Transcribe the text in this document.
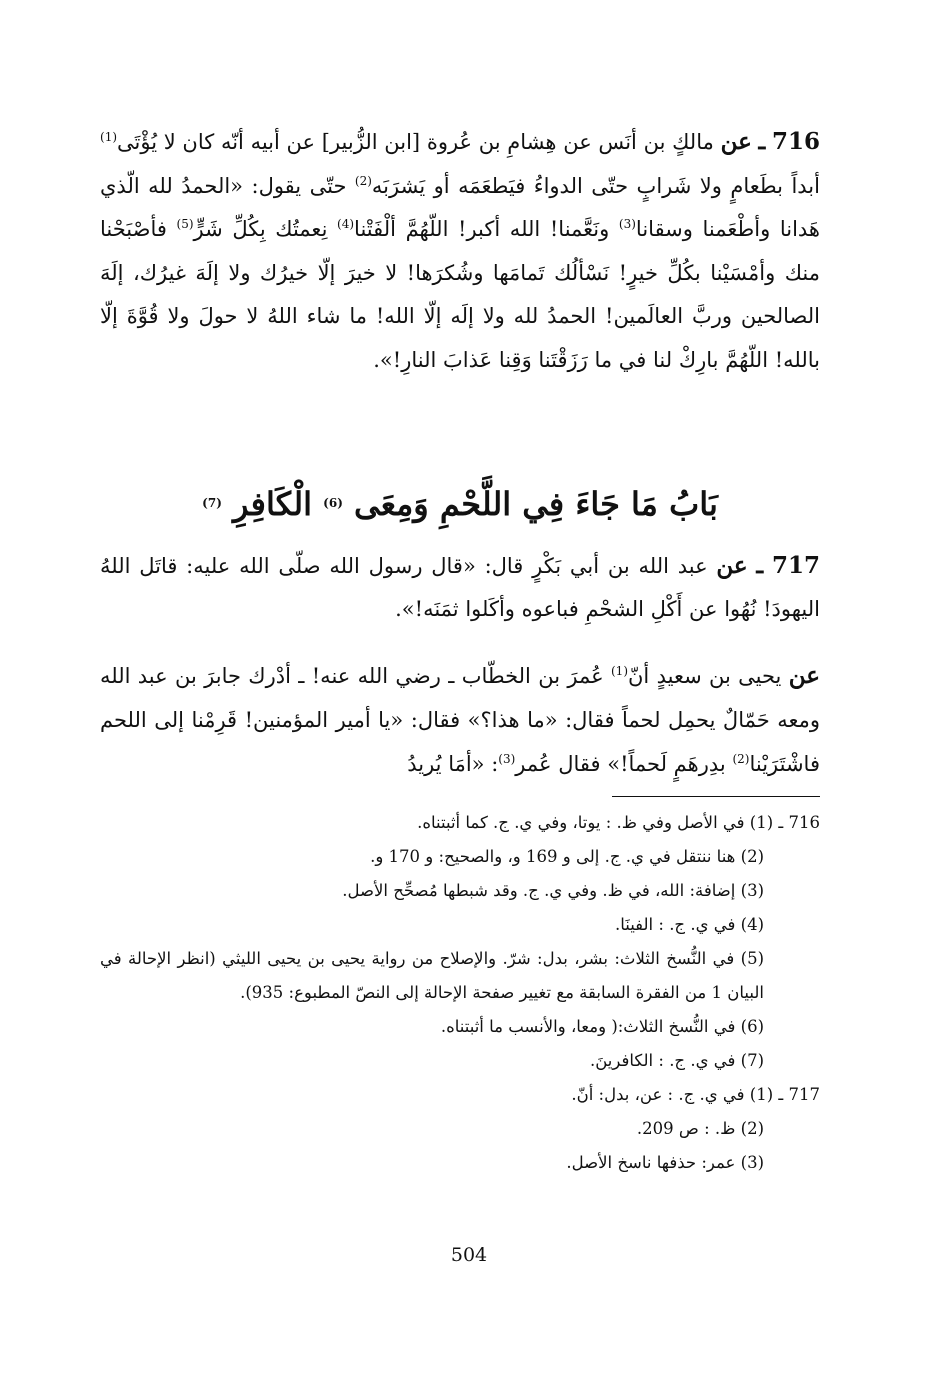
716 ـ عن مالكٍ بن أنَس عن هِشامِ بن عُروة [ابن الزُّبير] عن أبيه أنّه كان لا يُؤْتَى$^{(1)}$ أبداً بطَعامٍ ولا شَرابٍ حتّى الدواءُ فيَطعَمَه أو يَشرَبَه$^{(2)}$ حتّى يقول: «الحمدُ لله الّذي هَدانا وأطْعَمنا وسقانا$^{(3)}$ ونَعَّمنا! الله أكبر! اللّهُمَّ ألْفَتْنا$^{(4)}$ نِعمتُك بِكُلِّ شَرٍّ$^{(5)}$ فأصْبَحْنا منك وأمْسَيْنا بكُلِّ خيرٍ! نَسْألُك تَمامَها وشُكرَها! لا خيرَ إلّا خيرُك ولا إلَهَ غيرُك، إلَهَ الصالحين وربَّ العالَمين! الحمدُ لله ولا إلَه إلّا الله! ما شاء اللهُ لا حولَ ولا قُوَّةَ إلّا بالله! اللّهُمَّ بارِكْ لنا في ما رَزَقْتَنا وَقِنا عَذابَ النارِ!».
بَابُ مَا جَاءَ فِي اللَّحْمِ وَمِعَى $^{(6)}$ الْكَافِرِ $^{(7)}$
717 ـ عن عبد الله بن أبي بَكْرٍ قال: «قال رسول الله صلّى الله عليه: قاتَل اللهُ اليهودَ! نُهُوا عن أَكْلِ الشحْمِ فباعوه وأكَلوا ثمَنَه!».
عن يحيى بن سعيدٍ أنّ$^{(1)}$ عُمرَ بن الخطّاب ـ رضي الله عنه! ـ أدْرك جابرَ بن عبد الله ومعه حَمّالٌ يحمِل لحماً فقال: «ما هذا؟» فقال: «يا أمير المؤمنين! قَرِمْنا إلى اللحم فاشْتَرَيْنا$^{(2)}$ بدِرهَمٍ لَحماً!» فقال عُمر$^{(3)}$: «أمَا يُريدُ
716 ـ (1) في الأصل وفي ظ. : يوتا، وفي ي. ج. كما أثبتناه.
(2) هنا ننتقل في ي. ج. إلى و 169 و، والصحيح: و 170 و.
(3) إضافة: الله، في ظ. وفي ي. ج. وقد شبطها مُصحِّح الأصل.
(4) في ي. ج. : الفينَا.
(5) في النُّسخ الثلاث: بشر، بدل: شرّ. والإصلاح من رواية يحيى بن يحيى الليثي (انظر الإحالة في البيان 1 من الفقرة السابقة مع تغيير صفحة الإحالة إلى النصّ المطبوع: 935).
(6) في النُّسخ الثلاث:( ومعا، والأنسب ما أثبتناه.
(7) في ي. ج. : الكافرينَ.
717 ـ (1) في ي. ج. : عن، بدل: أنّ.
(2) ظ. : ص 209.
(3) عمر: حذفها ناسخ الأصل.
504
